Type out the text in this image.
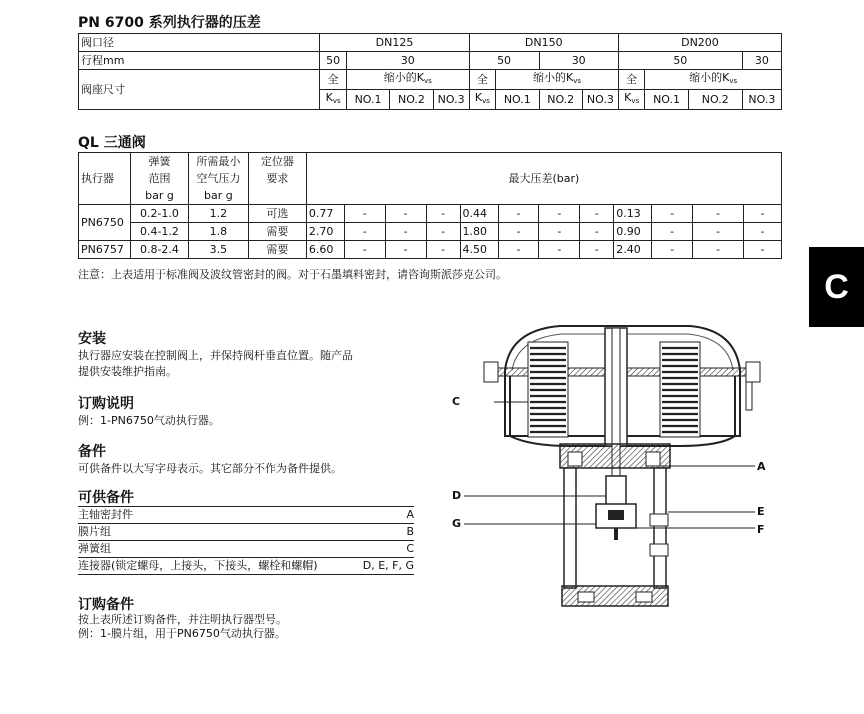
PN 6700 系列执行器的压差
阀口径	DN125				DN150				DN200			
行程mm	50	30			50		30		50			30
阀座尺寸	全	缩小的$K_{vs}$			全	缩小的$K_{vs}$			全	缩小的$K_{vs}$
	$K_{vs}$	NO.1	NO.2	NO.3	$K_{vs}$	NO.1	NO.2	NO.3	$K_{vs}$	NO.1	NO.2	NO.3
QL 三通阀
执行器	弹簧	所需最小	定位器	最大压差(bar)											
	范围	空气压力	要求												
	bar g	bar g													
PN6750	0.2-1.0	1.2	可选	0.77	-	-	-	0.44	-	-	-	0.13	-	-	-
	0.4-1.2	1.8	需要	2.70	-	-	-	1.80	-	-	-	0.90	-	-	-
PN6757	0.8-2.4	3.5	需要	6.60	-	-	-	4.50	-	-	-	2.40	-	-	-
注意：上表适用于标准阀及波纹管密封的阀。对于石墨填料密封，请咨询斯派莎克公司。	C
安装
执行器应安装在控制阀上，并保持阀杆垂直位置。随产品
提供安装维护指南。
订购说明
例：1-PN6750气动执行器。
备件
可供备件以大写字母表示。其它部分不作为备件提供。
可供备件
主轴密封件	A
膜片组	B
弹簧组	C
连接器(锁定螺母，上接头，下接头，螺栓和螺帽)	D, E, F, G
订购备件
按上表所述订购备件，并注明执行器型号。
例：1-膜片组，用于PN6750气动执行器。
C
A
D
E
G	F
